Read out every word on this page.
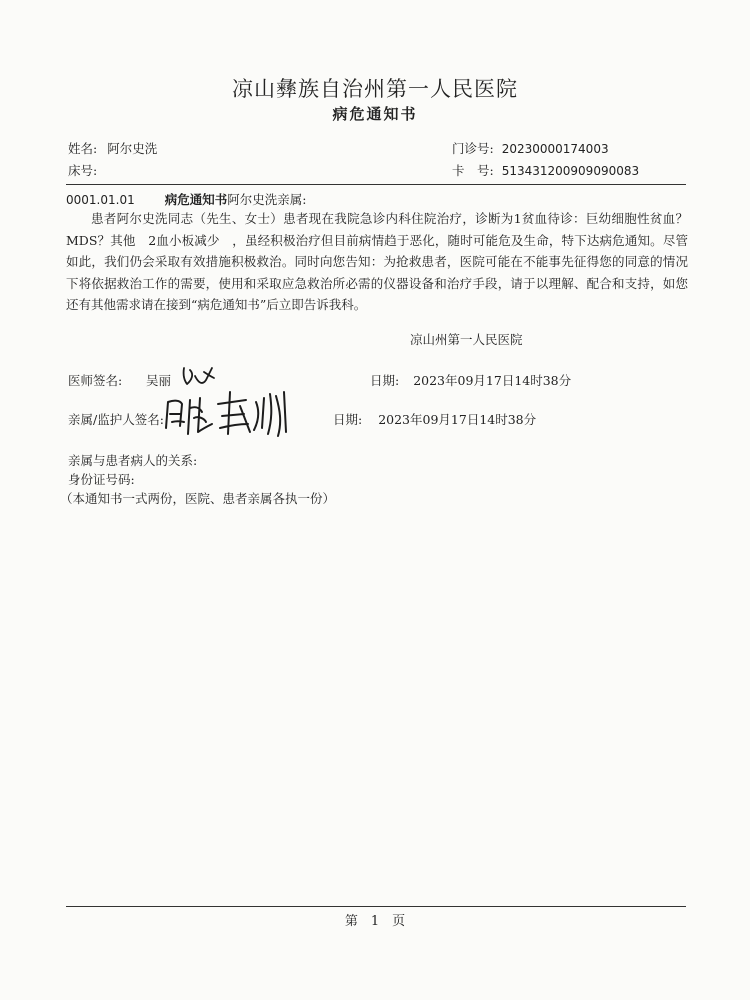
凉山彝族自治州第一人民医院
病危通知书
姓名: 阿尔史洗
床号:
门诊号: 20230000174003
卡　号: 513431200909090083
0001.01.01 病危通知书阿尔史洗亲属:

患者阿尔史洗同志（先生、女士）患者现在我院急诊内科住院治疗，诊断为1贫血待诊：巨幼细胞性贫血？MDS？其他　2血小板减少　，虽经积极治疗但目前病情趋于恶化，随时可能危及生命，特下达病危通知。尽管如此，我们仍会采取有效措施积极救治。同时向您告知：为抢救患者，医院可能在不能事先征得您的同意的情况下将依据救治工作的需要，使用和采取应急救治所必需的仪器设备和治疗手段，请于以理解、配合和支持，如您还有其他需求请在接到“病危通知书”后立即告诉我科。

凉山州第一人民医院
医师签名: 吴丽	日期: 2023年09月17日14时38分
亲属/监护人签名:	日期: 2023年09月17日14时38分
亲属与患者病人的关系:
身份证号码:
（本通知书一式两份，医院、患者亲属各执一份）
第　1　页
